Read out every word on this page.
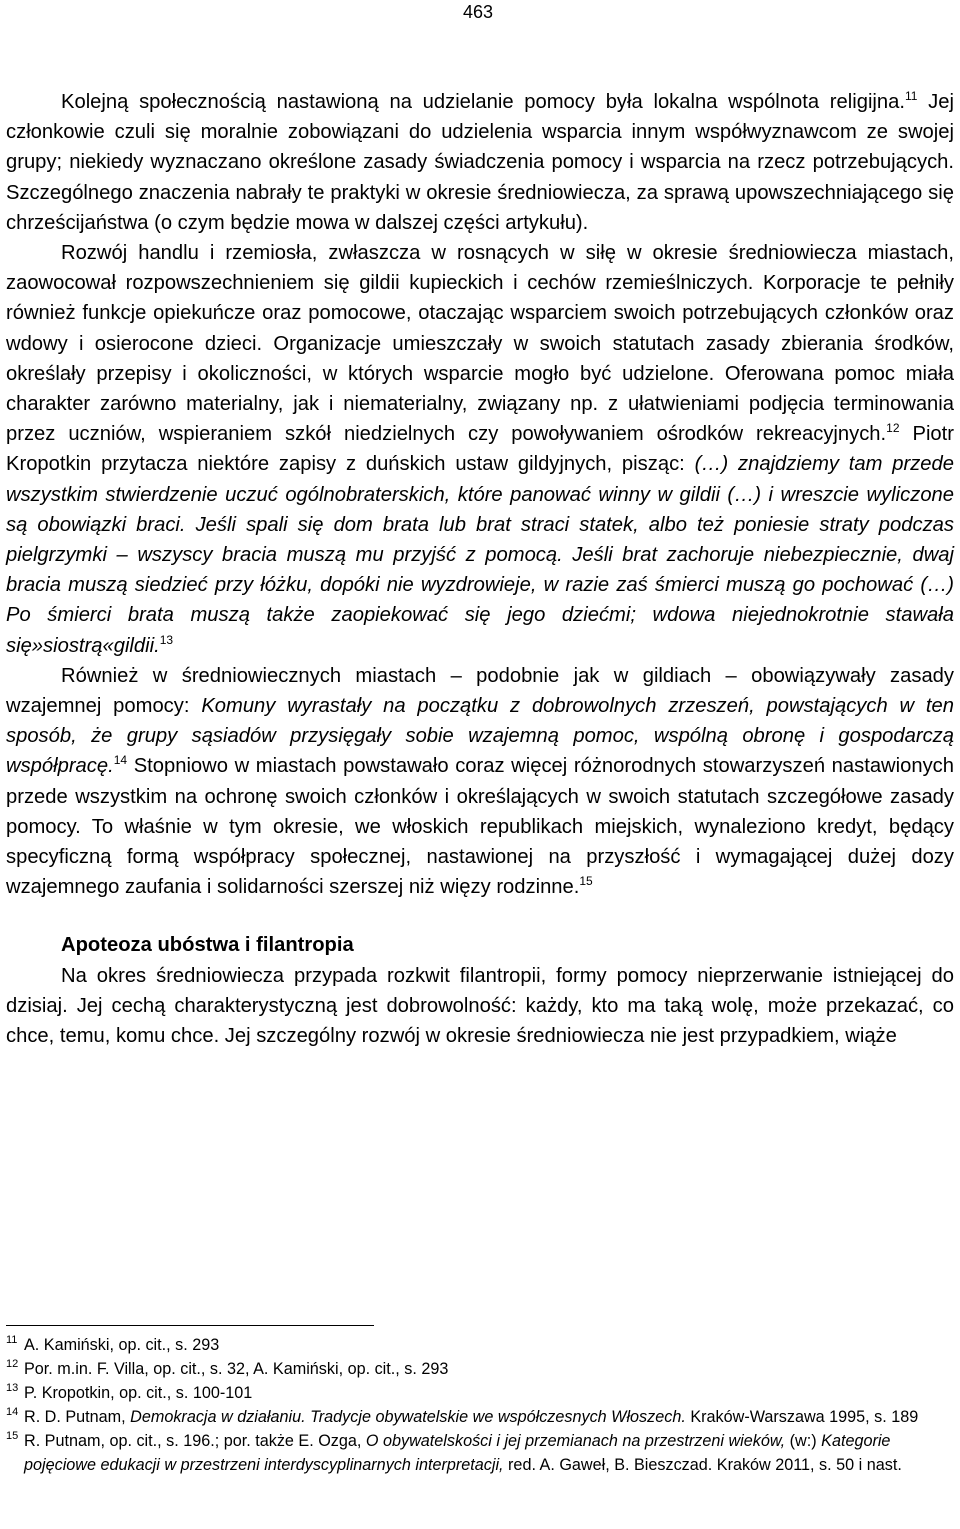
463

Kolejną społecznością nastawioną na udzielanie pomocy była lokalna wspólnota religijna.$^{11}$ Jej członkowie czuli się moralnie zobowiązani do udzielenia wsparcia innym współwyznawcom ze swojej grupy; niekiedy wyznaczano określone zasady świadczenia pomocy i wsparcia na rzecz potrzebujących. Szczególnego znaczenia nabrały te praktyki w okresie średniowiecza, za sprawą upowszechniającego się chrześcijaństwa (o czym będzie mowa w dalszej części artykułu).

Rozwój handlu i rzemiosła, zwłaszcza w rosnących w siłę w okresie średniowiecza miastach, zaowocował rozpowszechnieniem się gildii kupieckich i cechów rzemieślniczych. Korporacje te pełniły również funkcje opiekuńcze oraz pomocowe, otaczając wsparciem swoich potrzebujących członków oraz wdowy i osierocone dzieci. Organizacje umieszczały w swoich statutach zasady zbierania środków, określały przepisy i okoliczności, w których wsparcie mogło być udzielone. Oferowana pomoc miała charakter zarówno materialny, jak i niematerialny, związany np. z ułatwieniami podjęcia terminowania przez uczniów, wspieraniem szkół niedzielnych czy powoływaniem ośrodków rekreacyjnych.$^{12}$ Piotr Kropotkin przytacza niektóre zapisy z duńskich ustaw gildyjnych, pisząc: (…) znajdziemy tam przede wszystkim stwierdzenie uczuć ogólnobraterskich, które panować winny w gildii (…) i wreszcie wyliczone są obowiązki braci. Jeśli spali się dom brata lub brat straci statek, albo też poniesie straty podczas pielgrzymki – wszyscy bracia muszą mu przyjść z pomocą. Jeśli brat zachoruje niebezpiecznie, dwaj bracia muszą siedzieć przy łóżku, dopóki nie wyzdrowieje, w razie zaś śmierci muszą go pochować (…) Po śmierci brata muszą także zaopiekować się jego dziećmi; wdowa niejednokrotnie stawała się»siostrą«gildii.$^{13}$

Również w średniowiecznych miastach – podobnie jak w gildiach – obowiązywały zasady wzajemnej pomocy: Komuny wyrastały na początku z dobrowolnych zrzeszeń, powstających w ten sposób, że grupy sąsiadów przysięgały sobie wzajemną pomoc, wspólną obronę i gospodarczą współpracę.$^{14}$ Stopniowo w miastach powstawało coraz więcej różnorodnych stowarzyszeń nastawionych przede wszystkim na ochronę swoich członków i określających w swoich statutach szczegółowe zasady pomocy. To właśnie w tym okresie, we włoskich republikach miejskich, wynaleziono kredyt, będący specyficzną formą współpracy społecznej, nastawionej na przyszłość i wymagającej dużej dozy wzajemnego zaufania i solidarności szerszej niż więzy rodzinne.$^{15}$

Apoteoza ubóstwa i filantropia

Na okres średniowiecza przypada rozkwit filantropii, formy pomocy nieprzerwanie istniejącej do dzisiaj. Jej cechą charakterystyczną jest dobrowolność: każdy, kto ma taką wolę, może przekazać, co chce, temu, komu chce. Jej szczególny rozwój w okresie średniowiecza nie jest przypadkiem, wiąże

11 A. Kamiński, op. cit., s. 293
12 Por. m.in. F. Villa, op. cit., s. 32, A. Kamiński, op. cit., s. 293
13 P. Kropotkin, op. cit., s. 100-101
14 R. D. Putnam, Demokracja w działaniu. Tradycje obywatelskie we współczesnych Włoszech. Kraków-Warszawa 1995, s. 189
15 R. Putnam, op. cit., s. 196.; por. także E. Ozga, O obywatelskości i jej przemianach na przestrzeni wieków, (w:) Kategorie pojęciowe edukacji w przestrzeni interdyscyplinarnych interpretacji, red. A. Gaweł, B. Bieszczad. Kraków 2011, s. 50 i nast.
